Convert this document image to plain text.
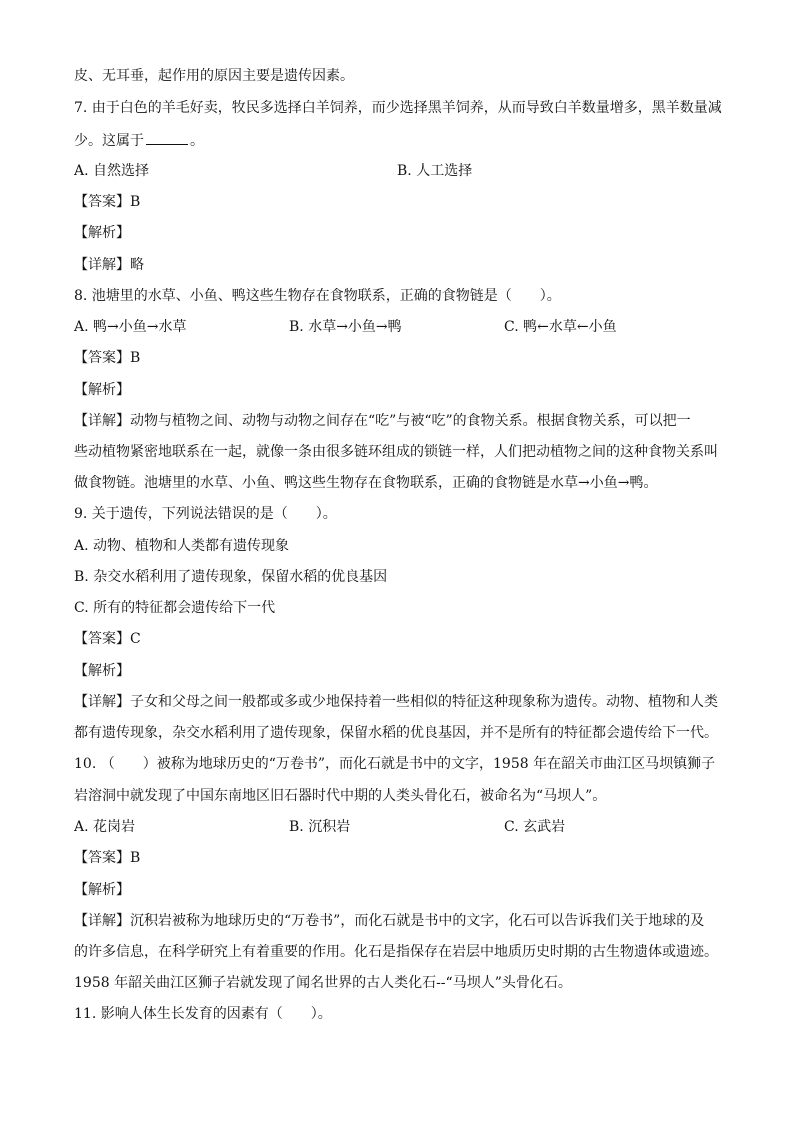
皮、无耳垂，起作用的原因主要是遗传因素。
7. 由于白色的羊毛好卖，牧民多选择白羊饲养，而少选择黑羊饲养，从而导致白羊数量增多，黑羊数量减
少。这属于	。
A. 自然选择	B. 人工选择
【答案】B
【解析】
【详解】略
8. 池塘里的水草、小鱼、鸭这些生物存在食物联系，正确的食物链是（　　）。
A. 鸭→小鱼→水草	B. 水草→小鱼→鸭	C. 鸭←水草←小鱼
【答案】B
【解析】
【详解】动物与植物之间、动物与动物之间存在“吃”与被“吃”的食物关系。根据食物关系，可以把一
些动植物紧密地联系在一起，就像一条由很多链环组成的锁链一样，人们把动植物之间的这种食物关系叫
做食物链。池塘里的水草、小鱼、鸭这些生物存在食物联系，正确的食物链是水草→小鱼→鸭。
9. 关于遗传，下列说法错误的是（　　）。
A. 动物、植物和人类都有遗传现象
B. 杂交水稻利用了遗传现象，保留水稻的优良基因
C. 所有的特征都会遗传给下一代
【答案】C
【解析】
【详解】子女和父母之间一般都或多或少地保持着一些相似的特征这种现象称为遗传。动物、植物和人类
都有遗传现象，杂交水稻利用了遗传现象，保留水稻的优良基因，并不是所有的特征都会遗传给下一代。
10. （　　）被称为地球历史的“万卷书”，而化石就是书中的文字，1958 年在韶关市曲江区马坝镇狮子
岩溶洞中就发现了中国东南地区旧石器时代中期的人类头骨化石，被命名为“马坝人”。
A. 花岗岩	B. 沉积岩	C. 玄武岩
【答案】B
【解析】
【详解】沉积岩被称为地球历史的“万卷书”，而化石就是书中的文字，化石可以告诉我们关于地球的及
的许多信息，在科学研究上有着重要的作用。化石是指保存在岩层中地质历史时期的古生物遗体或遗迹。
1958 年韶关曲江区狮子岩就发现了闻名世界的古人类化石--“马坝人”头骨化石。
11. 影响人体生长发育的因素有（　　）。
